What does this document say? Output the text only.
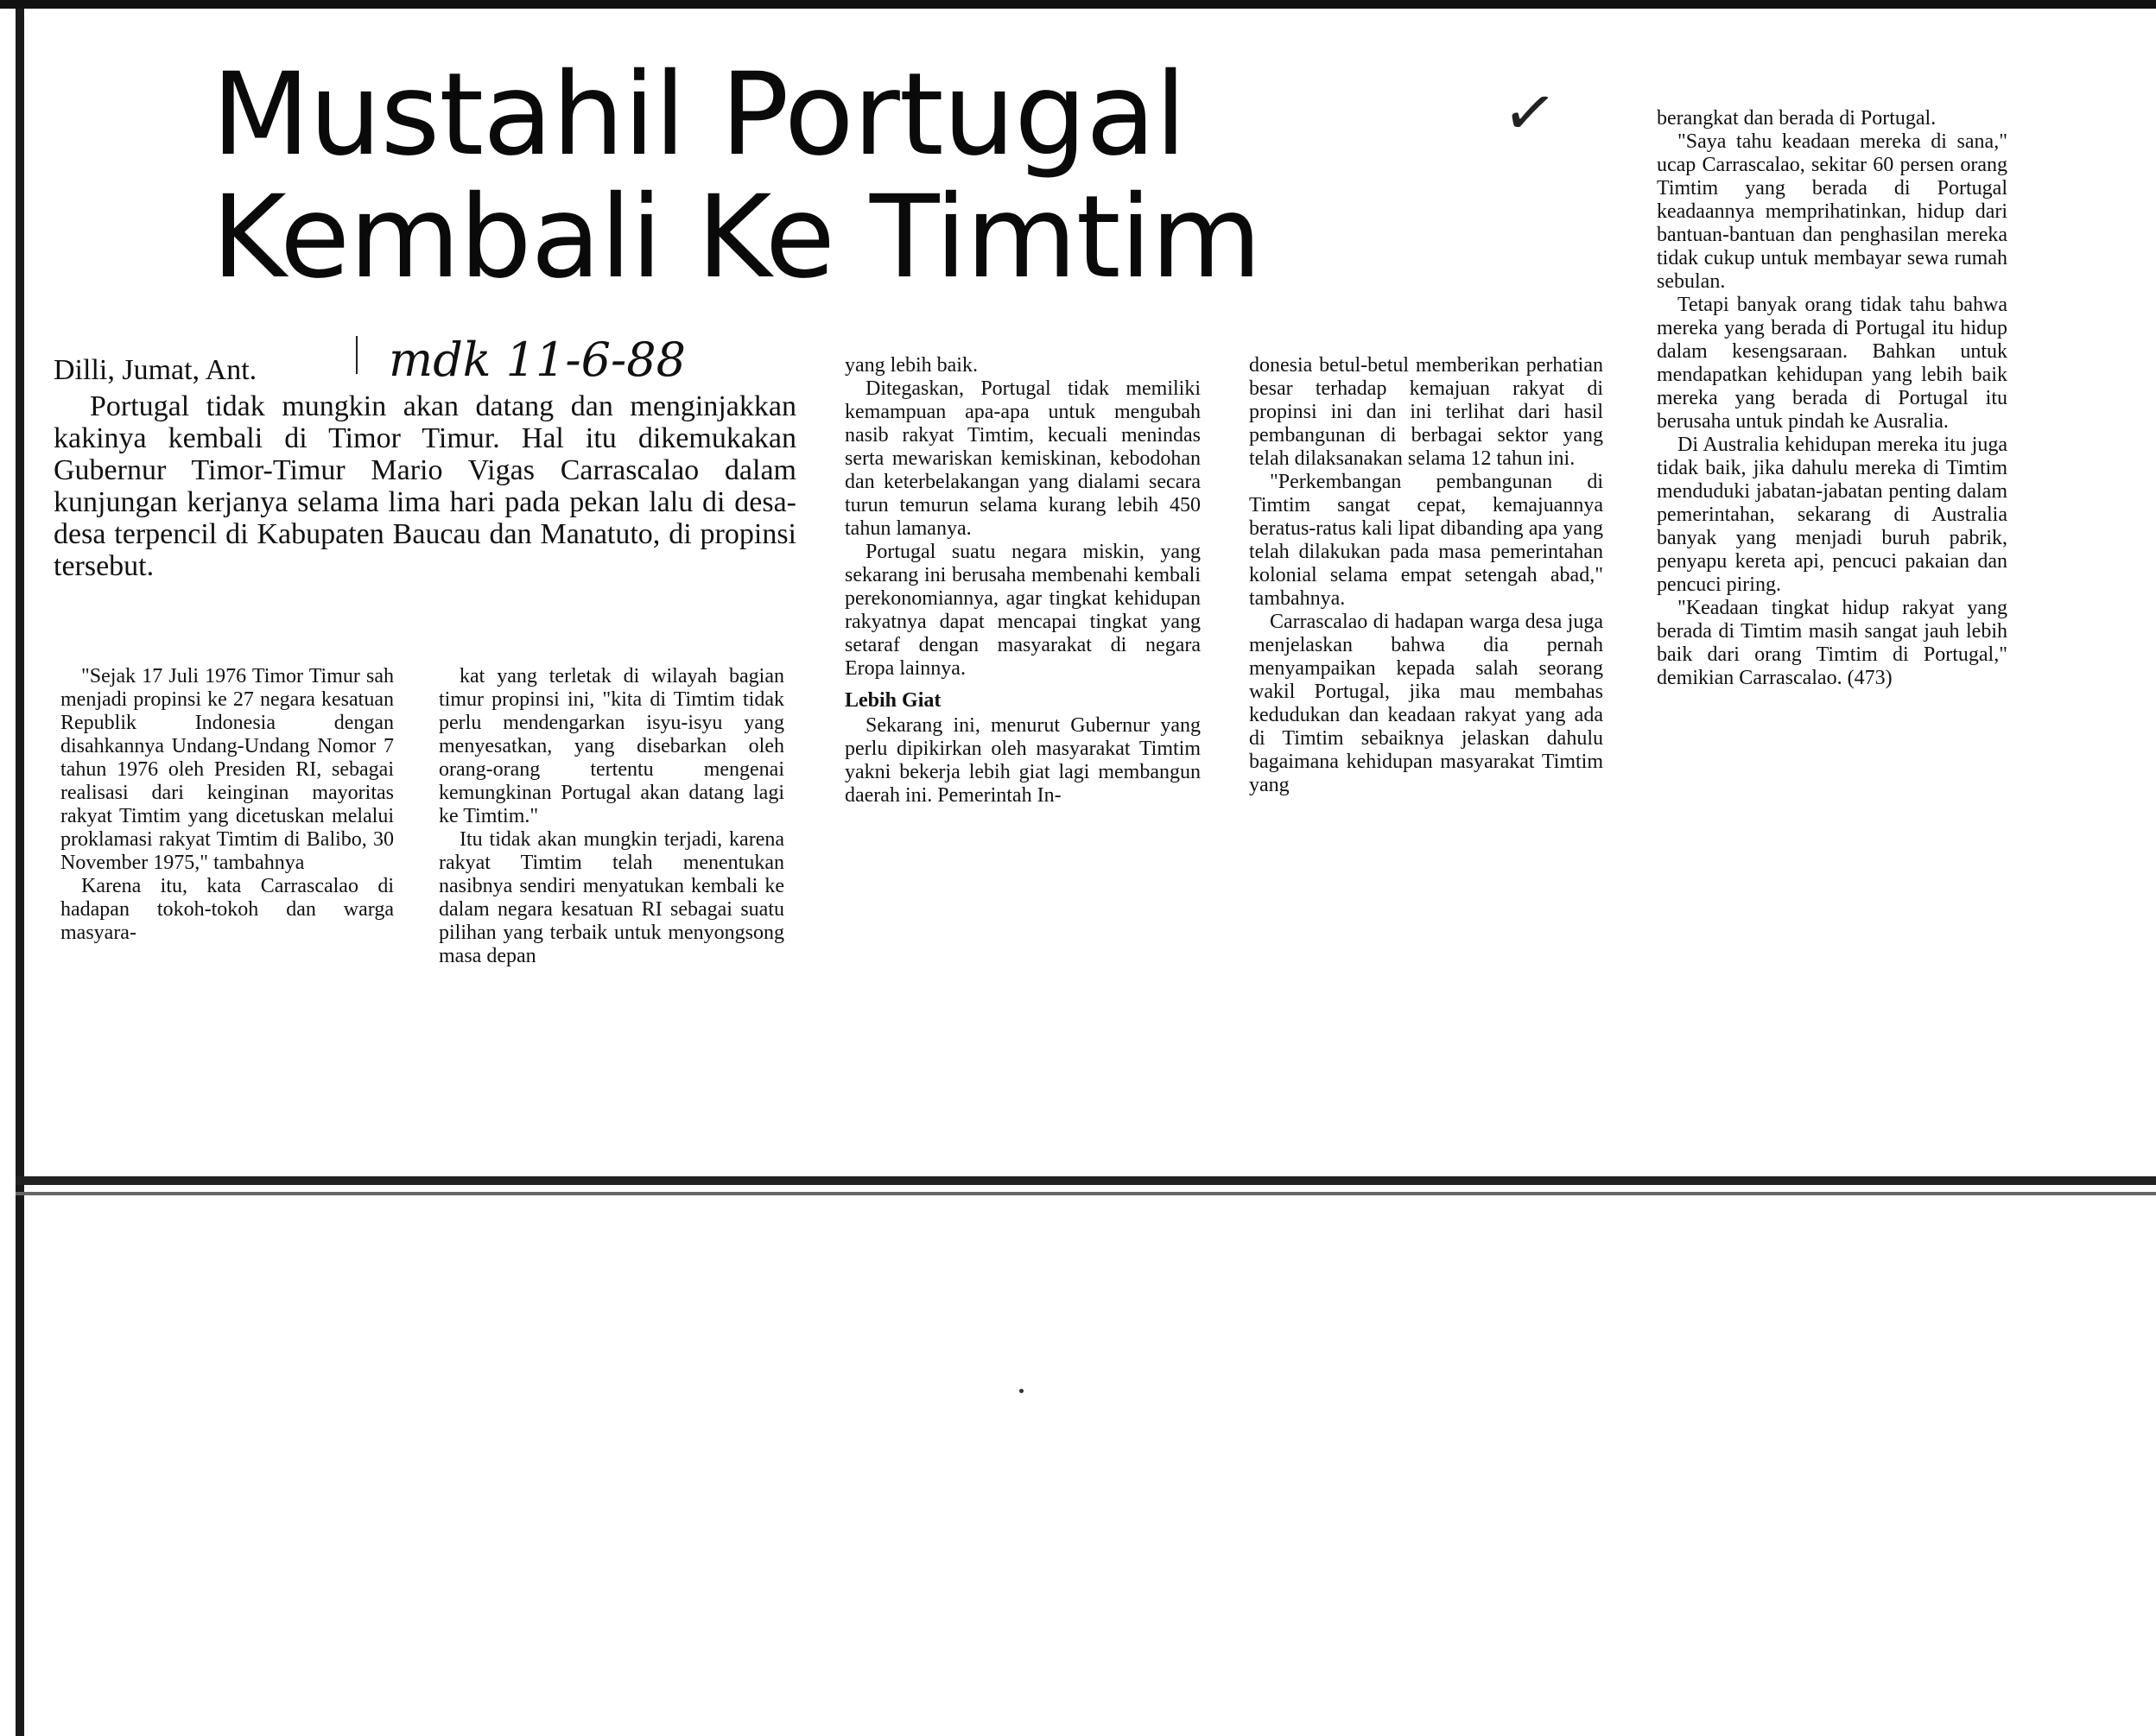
Mustahil Portugal Kembali Ke Timtim
✓
mdk 11-6-88
Dilli, Jumat, Ant.

Portugal tidak mungkin akan datang dan menginjakkan kakinya kembali di Timor Timur. Hal itu dikemukakan Gubernur Timor-Timur Mario Vigas Carrascalao dalam kunjungan kerjanya selama lima hari pada pekan lalu di desa-desa terpencil di Kabupaten Baucau dan Manatuto, di propinsi tersebut.

"Sejak 17 Juli 1976 Timor Timur sah menjadi propinsi ke 27 negara kesatuan Republik Indonesia dengan disahkannya Undang-Undang Nomor 7 tahun 1976 oleh Presiden RI, sebagai realisasi dari keinginan mayoritas rakyat Timtim yang dicetuskan melalui proklamasi rakyat Timtim di Balibo, 30 November 1975," tambahnya

Karena itu, kata Carrascalao di hadapan tokoh-tokoh dan warga masyara-

kat yang terletak di wilayah bagian timur propinsi ini, "kita di Timtim tidak perlu mendengarkan isyu-isyu yang menyesatkan, yang disebarkan oleh orang-orang tertentu mengenai kemungkinan Portugal akan datang lagi ke Timtim."

Itu tidak akan mungkin terjadi, karena rakyat Timtim telah menentukan nasibnya sendiri menyatukan kembali ke dalam negara kesatuan RI sebagai suatu pilihan yang terbaik untuk menyongsong masa depan

yang lebih baik.

Ditegaskan, Portugal tidak memiliki kemampuan apa-apa untuk mengubah nasib rakyat Timtim, kecuali menindas serta mewariskan kemiskinan, kebodohan dan keterbelakangan yang dialami secara turun temurun selama kurang lebih 450 tahun lamanya.

Portugal suatu negara miskin, yang sekarang ini berusaha membenahi kembali perekonomiannya, agar tingkat kehidupan rakyatnya dapat mencapai tingkat yang setaraf dengan masyarakat di negara Eropa lainnya.

Lebih Giat

Sekarang ini, menurut Gubernur yang perlu dipikirkan oleh masyarakat Timtim yakni bekerja lebih giat lagi membangun daerah ini. Pemerintah In-

donesia betul-betul memberikan perhatian besar terhadap kemajuan rakyat di propinsi ini dan ini terlihat dari hasil pembangunan di berbagai sektor yang telah dilaksanakan selama 12 tahun ini.

"Perkembangan pembangunan di Timtim sangat cepat, kemajuannya beratus-ratus kali lipat dibanding apa yang telah dilakukan pada masa pemerintahan kolonial selama empat setengah abad," tambahnya.

Carrascalao di hadapan warga desa juga menjelaskan bahwa dia pernah menyampaikan kepada salah seorang wakil Portugal, jika mau membahas kedudukan dan keadaan rakyat yang ada di Timtim sebaiknya jelaskan dahulu bagaimana kehidupan masyarakat Timtim yang

berangkat dan berada di Portugal.

"Saya tahu keadaan mereka di sana," ucap Carrascalao, sekitar 60 persen orang Timtim yang berada di Portugal keadaannya memprihatinkan, hidup dari bantuan-bantuan dan penghasilan mereka tidak cukup untuk membayar sewa rumah sebulan.

Tetapi banyak orang tidak tahu bahwa mereka yang berada di Portugal itu hidup dalam kesengsaraan. Bahkan untuk mendapatkan kehidupan yang lebih baik mereka yang berada di Portugal itu berusaha untuk pindah ke Ausralia.

Di Australia kehidupan mereka itu juga tidak baik, jika dahulu mereka di Timtim menduduki jabatan-jabatan penting dalam pemerintahan, sekarang di Australia banyak yang menjadi buruh pabrik, penyapu kereta api, pencuci pakaian dan pencuci piring.

"Keadaan tingkat hidup rakyat yang berada di Timtim masih sangat jauh lebih baik dari orang Timtim di Portugal," demikian Carrascalao. (473)
